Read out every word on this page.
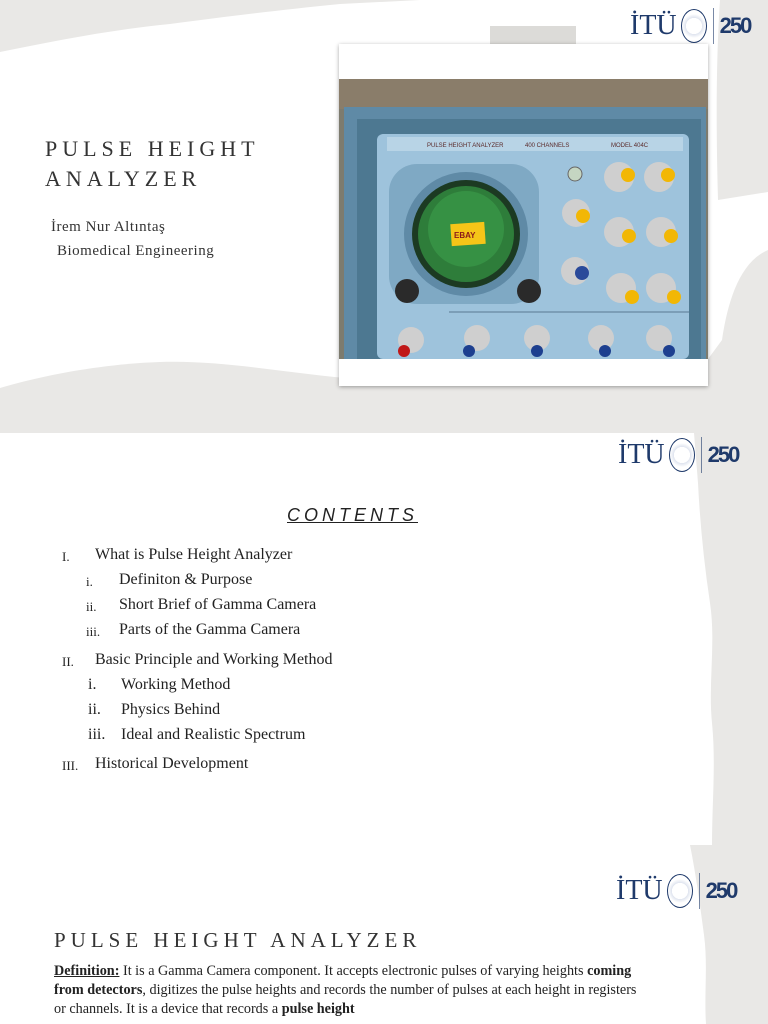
İTÜ 250
PULSE HEIGHT
ANALYZER
İrem Nur Altıntaş
Biomedical Engineering
PULSE HEIGHT ANALYZER	400 CHANNELS	MODEL 404C
EBAY
İTÜ 250
CONTENTS
I. What is Pulse Height Analyzer
i. Definiton & Purpose
ii. Short Brief of Gamma Camera
iii. Parts of the Gamma Camera
II. Basic Principle and Working Method
i. Working Method
ii. Physics Behind
iii. Ideal and Realistic Spectrum
III. Historical Development
İTÜ 250
PULSE HEIGHT ANALYZER
Definition: It is a Gamma Camera component. It accepts electronic pulses of varying heights coming from detectors, digitizes the pulse heights and records the number of pulses at each height in registers or channels. It is a device that records a pulse height
